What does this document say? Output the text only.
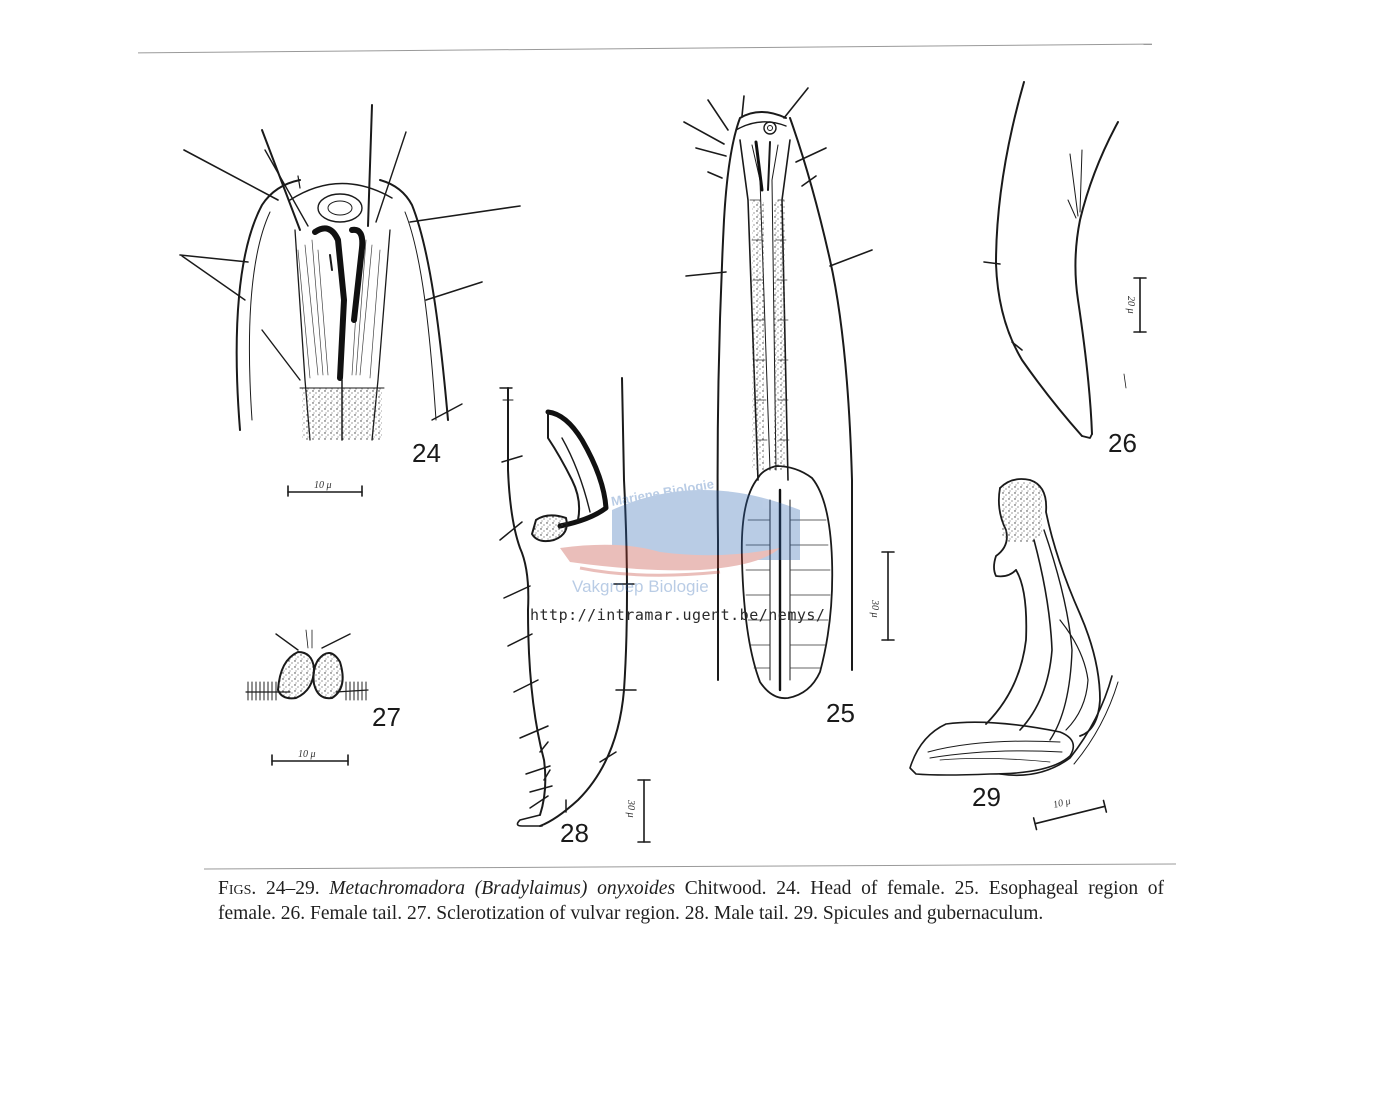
Mariene Biologie
Vakgroep Biologie
http://intramar.ugent.be/nemys/
24
25
26
27
28
29
10 μ
30 μ
20 μ
10 μ
30 μ	10 μ
Figs. 24–29. Metachromadora (Bradylaimus) onyxoides Chitwood. 24. Head of female. 25. Esophageal region of female. 26. Female tail. 27. Sclerotization of vulvar region. 28. Male tail. 29. Spicules and gubernaculum.
